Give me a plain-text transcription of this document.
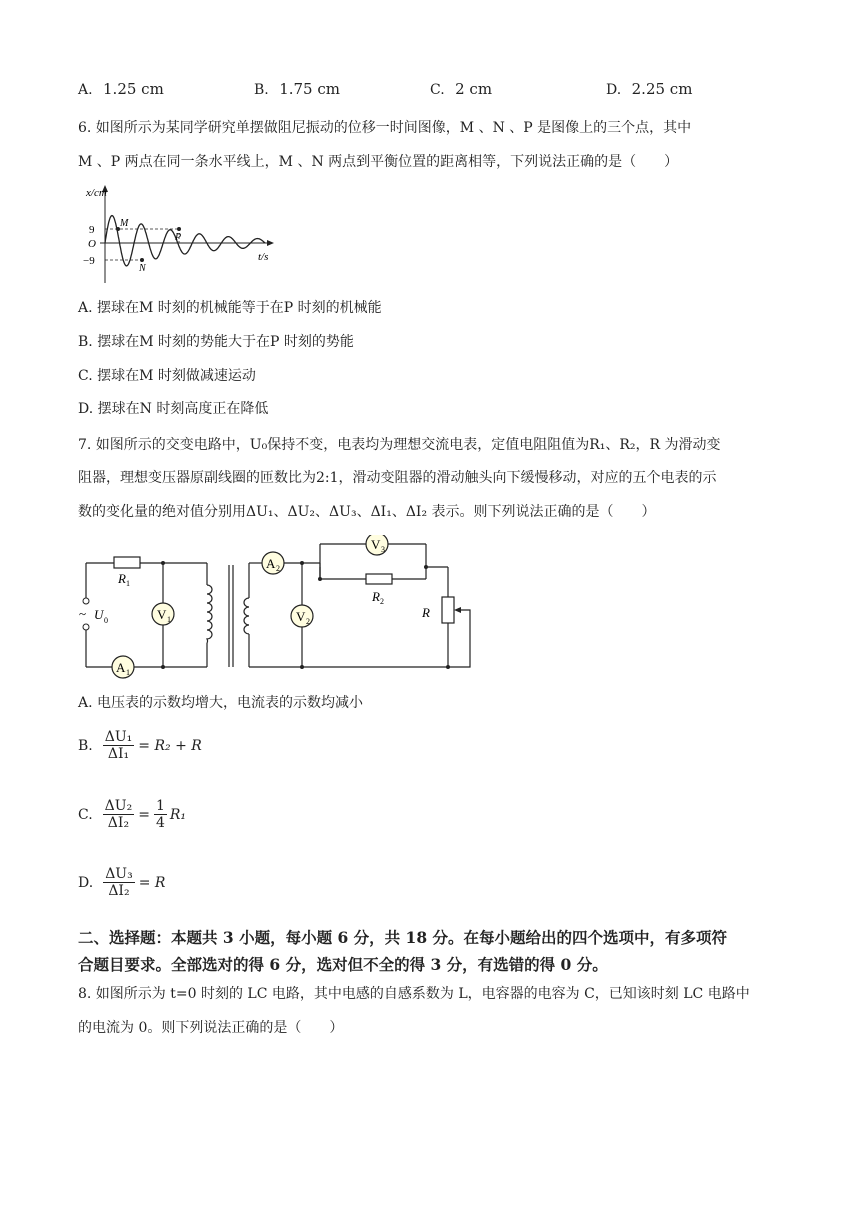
A. 1.25 cm	B. 1.75 cm	C. 2 cm	D. 2.25 cm
6. 如图所示为某同学研究单摆做阻尼振动的位移一时间图像，M 、N 、P 是图像上的三个点，其中
M 、P 两点在同一条水平线上，M 、N 两点到平衡位置的距离相等，下列说法正确的是（　　）
x/cm
t/s
O
9
−9
M
N
P
A. 摆球在M 时刻的机械能等于在P 时刻的机械能
B. 摆球在M 时刻的势能大于在P 时刻的势能
C. 摆球在M 时刻做减速运动
D. 摆球在N 时刻高度正在降低
7. 如图所示的交变电路中，U₀保持不变，电表均为理想交流电表，定值电阻阻值为R₁、R₂，R 为滑动变
阻器，理想变压器原副线圈的匝数比为2:1，滑动变阻器的滑动触头向下缓慢移动，对应的五个电表的示
数的变化量的绝对值分别用ΔU₁、ΔU₂、ΔU₃、ΔI₁、ΔI₂ 表示。则下列说法正确的是（　　）
V 1
A 1
A 2
V 2
V 3
R 1
R 2
R
U 0
~
A. 电压表的示数均增大，电流表的示数均减小
B. $\frac{\text{ΔU₁}}{\text{ΔI₁}} = R_2 + R$
C. $\frac{\text{ΔU₂}}{\text{ΔI₂}} = \frac{1}{4} R_1$
D. $\frac{\text{ΔU₃}}{\text{ΔI₂}} = R$
二、选择题：本题共 3 小题，每小题 6 分，共 18 分。在每小题给出的四个选项中，有多项符
合题目要求。全部选对的得 6 分，选对但不全的得 3 分，有选错的得 0 分。
8. 如图所示为 t=0 时刻的 LC 电路，其中电感的自感系数为 L，电容器的电容为 C，已知该时刻 LC 电路中
的电流为 0。则下列说法正确的是（　　）
